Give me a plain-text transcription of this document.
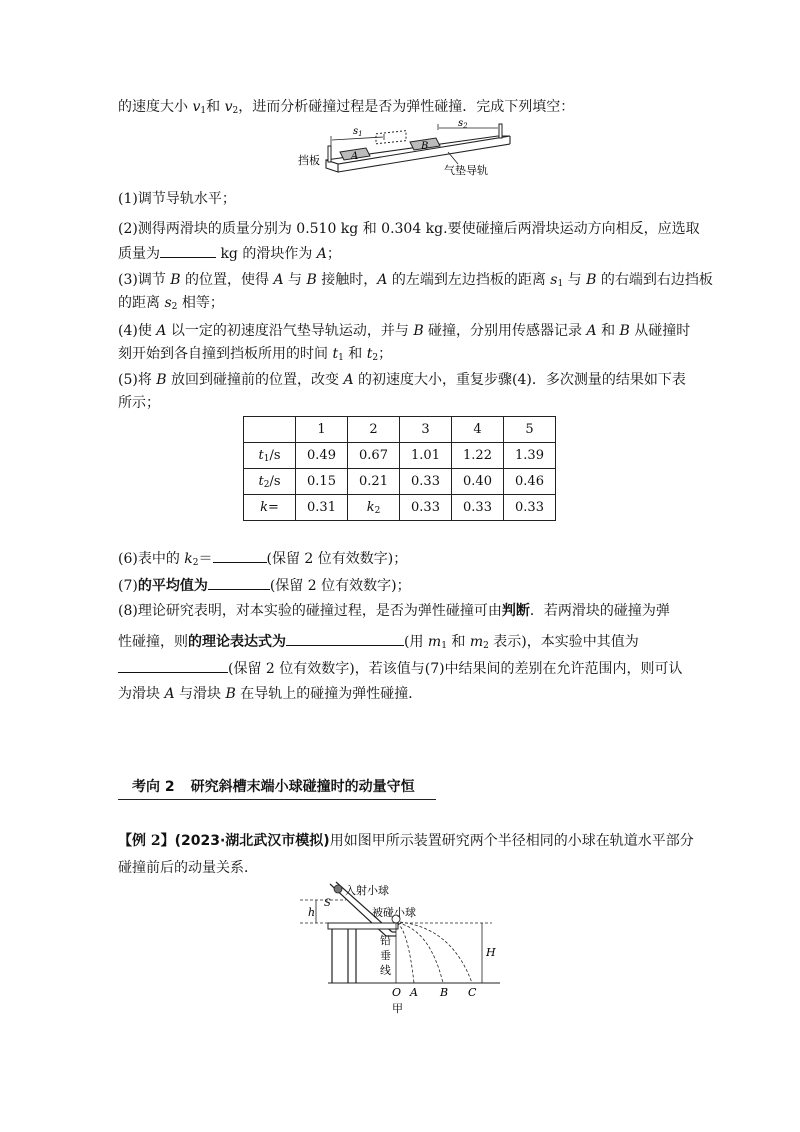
的速度大小 $v_1$和 $v_2$，进而分析碰撞过程是否为弹性碰撞．完成下列填空：
A
B
$s_1$
$s_2$
挡板
气垫导轨
(1)调节导轨水平；
(2)测得两滑块的质量分别为 0.510 kg 和 0.304 kg.要使碰撞后两滑块运动方向相反，应选取
质量为	kg 的滑块作为 A；
(3)调节 B 的位置，使得 A 与 B 接触时，A 的左端到左边挡板的距离 $s_1$ 与 B 的右端到右边挡板
的距离 $s_2$ 相等；
(4)使 A 以一定的初速度沿气垫导轨运动，并与 B 碰撞，分别用传感器记录 A 和 B 从碰撞时
刻开始到各自撞到挡板所用的时间 $t_1$ 和 $t_2$；
(5)将 B 放回到碰撞前的位置，改变 A 的初速度大小，重复步骤(4)．多次测量的结果如下表
所示；
	1	2	3	4	5
$t_1/s$	0.49	0.67	1.01	1.22	1.39
$t_2/s$	0.15	0.21	0.33	0.40	0.46
k=	0.31	$k_2$	0.33	0.33	0.33
(6)表中的 $k_2=$	(保留 2 位有效数字)；
(7)的平均值为	(保留 2 位有效数字)；
(8)理论研究表明，对本实验的碰撞过程，是否为弹性碰撞可由判断．若两滑块的碰撞为弹
性碰撞，则的理论表达式为	(用 $m_1$ 和 $m_2$ 表示)，本实验中其值为
(保留 2 位有效数字)，若该值与(7)中结果间的差别在允许范围内，则可认
为滑块 A 与滑块 B 在导轨上的碰撞为弹性碰撞．
考向 2 研究斜槽末端小球碰撞时的动量守恒
【例 2】(2023·湖北武汉市模拟)用如图甲所示装置研究两个半径相同的小球在轨道水平部分
碰撞前后的动量关系．
h
入射小球
S
被碰小球
铅
垂
线
H
O A B C
甲
